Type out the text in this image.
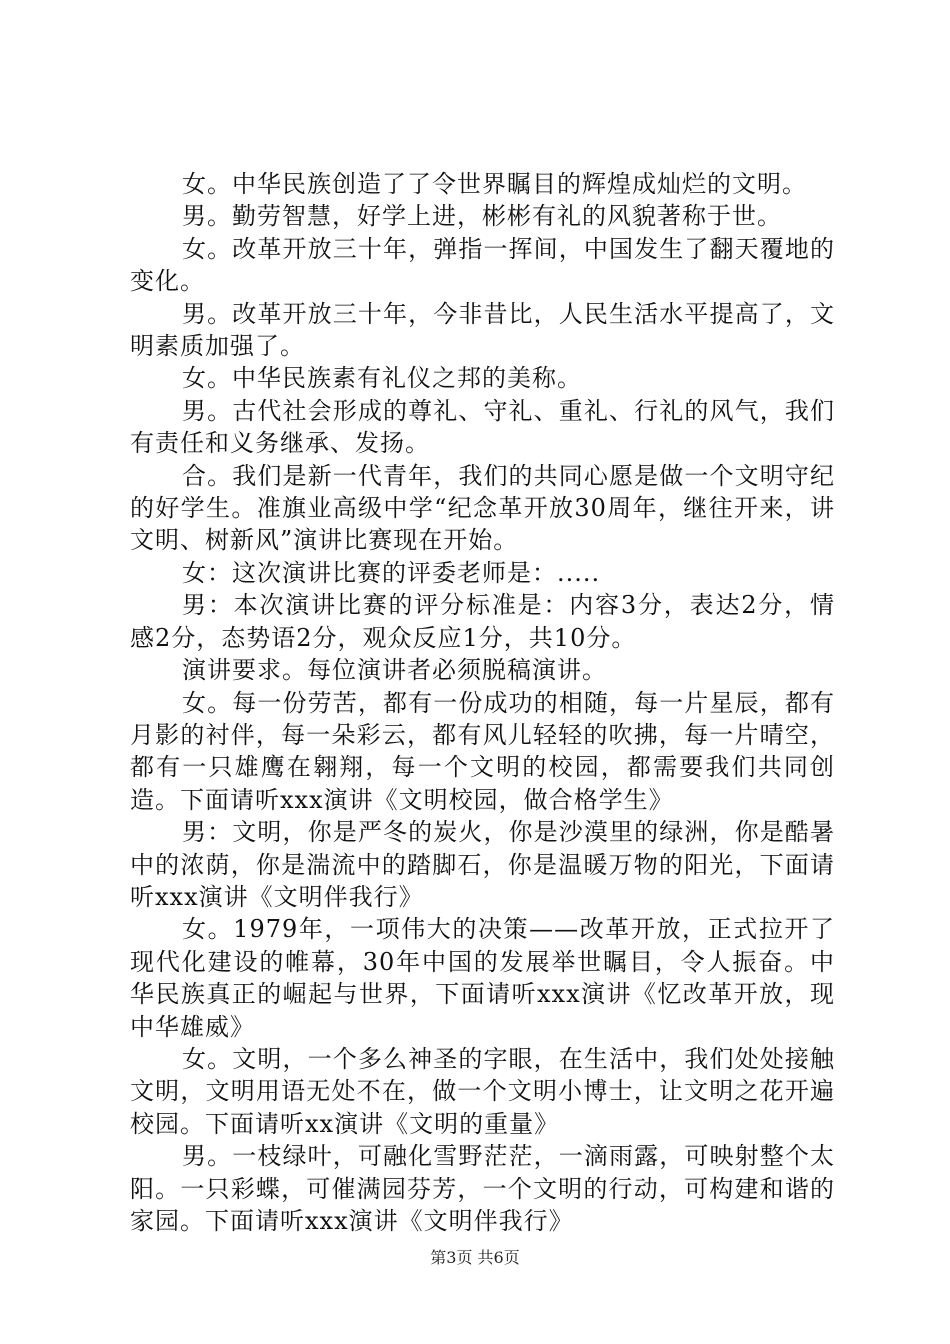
女。中华民族创造了了令世界瞩目的辉煌成灿烂的文明。

男。勤劳智慧，好学上进，彬彬有礼的风貌著称于世。

女。改革开放三十年，弹指一挥间，中国发生了翻天覆地的变化。

男。改革开放三十年，今非昔比，人民生活水平提高了，文明素质加强了。

女。中华民族素有礼仪之邦的美称。

男。古代社会形成的尊礼、守礼、重礼、行礼的风气，我们有责任和义务继承、发扬。

合。我们是新一代青年，我们的共同心愿是做一个文明守纪的好学生。准旗业高级中学“纪念革开放30周年，继往开来，讲文明、树新风”演讲比赛现在开始。

女：这次演讲比赛的评委老师是：.....

男：本次演讲比赛的评分标准是：内容3分，表达2分，情感2分，态势语2分，观众反应1分，共10分。

演讲要求。每位演讲者必须脱稿演讲。

女。每一份劳苦，都有一份成功的相随，每一片星辰，都有月影的衬伴，每一朵彩云，都有风儿轻轻的吹拂，每一片晴空，都有一只雄鹰在翱翔，每一个文明的校园，都需要我们共同创造。下面请听xxx演讲《文明校园，做合格学生》

男：文明，你是严冬的炭火，你是沙漠里的绿洲，你是酷暑中的浓荫，你是湍流中的踏脚石，你是温暖万物的阳光，下面请听xxx演讲《文明伴我行》

女。1979年，一项伟大的决策——改革开放，正式拉开了现代化建设的帷幕，30年中国的发展举世瞩目，令人振奋。中华民族真正的崛起与世界，下面请听xxx演讲《忆改革开放，现中华雄威》

女。文明，一个多么神圣的字眼，在生活中，我们处处接触文明，文明用语无处不在，做一个文明小博士，让文明之花开遍校园。下面请听xx演讲《文明的重量》

男。一枝绿叶，可融化雪野茫茫，一滴雨露，可映射整个太阳。一只彩蝶，可催满园芬芳，一个文明的行动，可构建和谐的家园。下面请听xxx演讲《文明伴我行》

第3页 共6页
